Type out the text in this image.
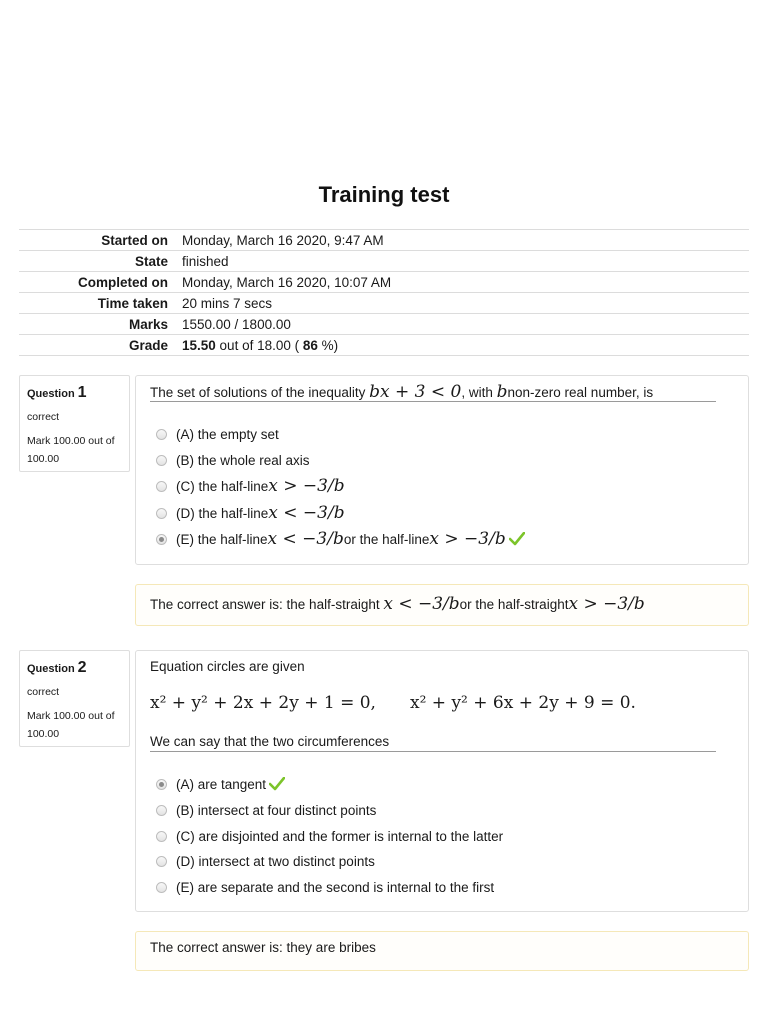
Training test
Started on	Monday, March 16 2020, 9:47 AM
State	finished
Completed on	Monday, March 16 2020, 10:07 AM
Time taken	20 mins 7 secs
Marks	1550.00 / 1800.00
Grade	15.50 out of 18.00 ( 86 %)
Question 1
correct
Mark 100.00 out of 100.00
The set of solutions of the inequality bx + 3 < 0, with bnon-zero real number, is
(A) the empty set
(B) the whole real axis
(C) the half-line x > −3/b
(D) the half-line x < −3/b
(E) the half-line x < −3/b or the half-line x > −3/b
The correct answer is: the half-straight x < −3/bor the half-straightx > −3/b
Question 2
correct
Mark 100.00 out of 100.00
Equation circles are given
x² + y² + 2x + 2y + 1 = 0, x² + y² + 6x + 2y + 9 = 0.
We can say that the two circumferences
(A) are tangent
(B) intersect at four distinct points
(C) are disjointed and the former is internal to the latter
(D) intersect at two distinct points
(E) are separate and the second is internal to the first
The correct answer is: they are bribes
